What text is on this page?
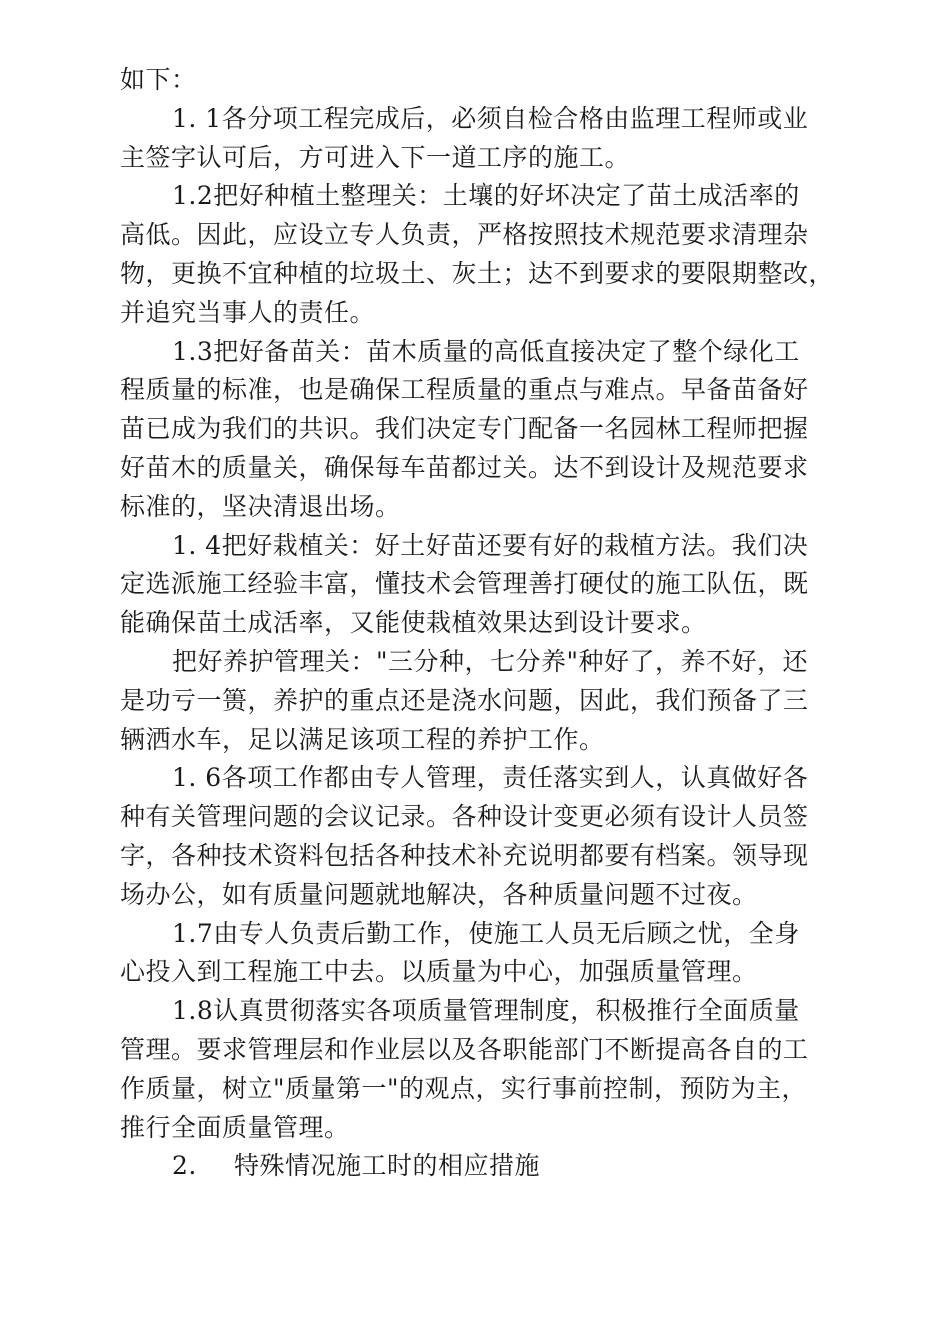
如下：
1. 1各分项工程完成后，必须自检合格由监理工程师或业
主签字认可后，方可进入下一道工序的施工。
1.2把好种植土整理关：土壤的好坏决定了苗土成活率的
高低。因此，应设立专人负责，严格按照技术规范要求清理杂
物，更换不宜种植的垃圾土、灰土；达不到要求的要限期整改，
并追究当事人的责任。
1.3把好备苗关：苗木质量的高低直接决定了整个绿化工
程质量的标准，也是确保工程质量的重点与难点。早备苗备好
苗已成为我们的共识。我们决定专门配备一名园林工程师把握
好苗木的质量关，确保每车苗都过关。达不到设计及规范要求
标准的，坚决清退出场。
1. 4把好栽植关：好土好苗还要有好的栽植方法。我们决
定选派施工经验丰富，懂技术会管理善打硬仗的施工队伍，既
能确保苗土成活率，又能使栽植效果达到设计要求。
把好养护管理关："三分种，七分养"种好了，养不好，还
是功亏一篑，养护的重点还是浇水问题，因此，我们预备了三
辆洒水车，足以满足该项工程的养护工作。
1. 6各项工作都由专人管理，责任落实到人，认真做好各
种有关管理问题的会议记录。各种设计变更必须有设计人员签
字，各种技术资料包括各种技术补充说明都要有档案。领导现
场办公，如有质量问题就地解决，各种质量问题不过夜。
1.7由专人负责后勤工作，使施工人员无后顾之忧，全身
心投入到工程施工中去。以质量为中心，加强质量管理。
1.8认真贯彻落实各项质量管理制度，积极推行全面质量
管理。要求管理层和作业层以及各职能部门不断提高各自的工
作质量，树立"质量第一"的观点，实行事前控制，预防为主，
推行全面质量管理。
2. 特殊情况施工时的相应措施
